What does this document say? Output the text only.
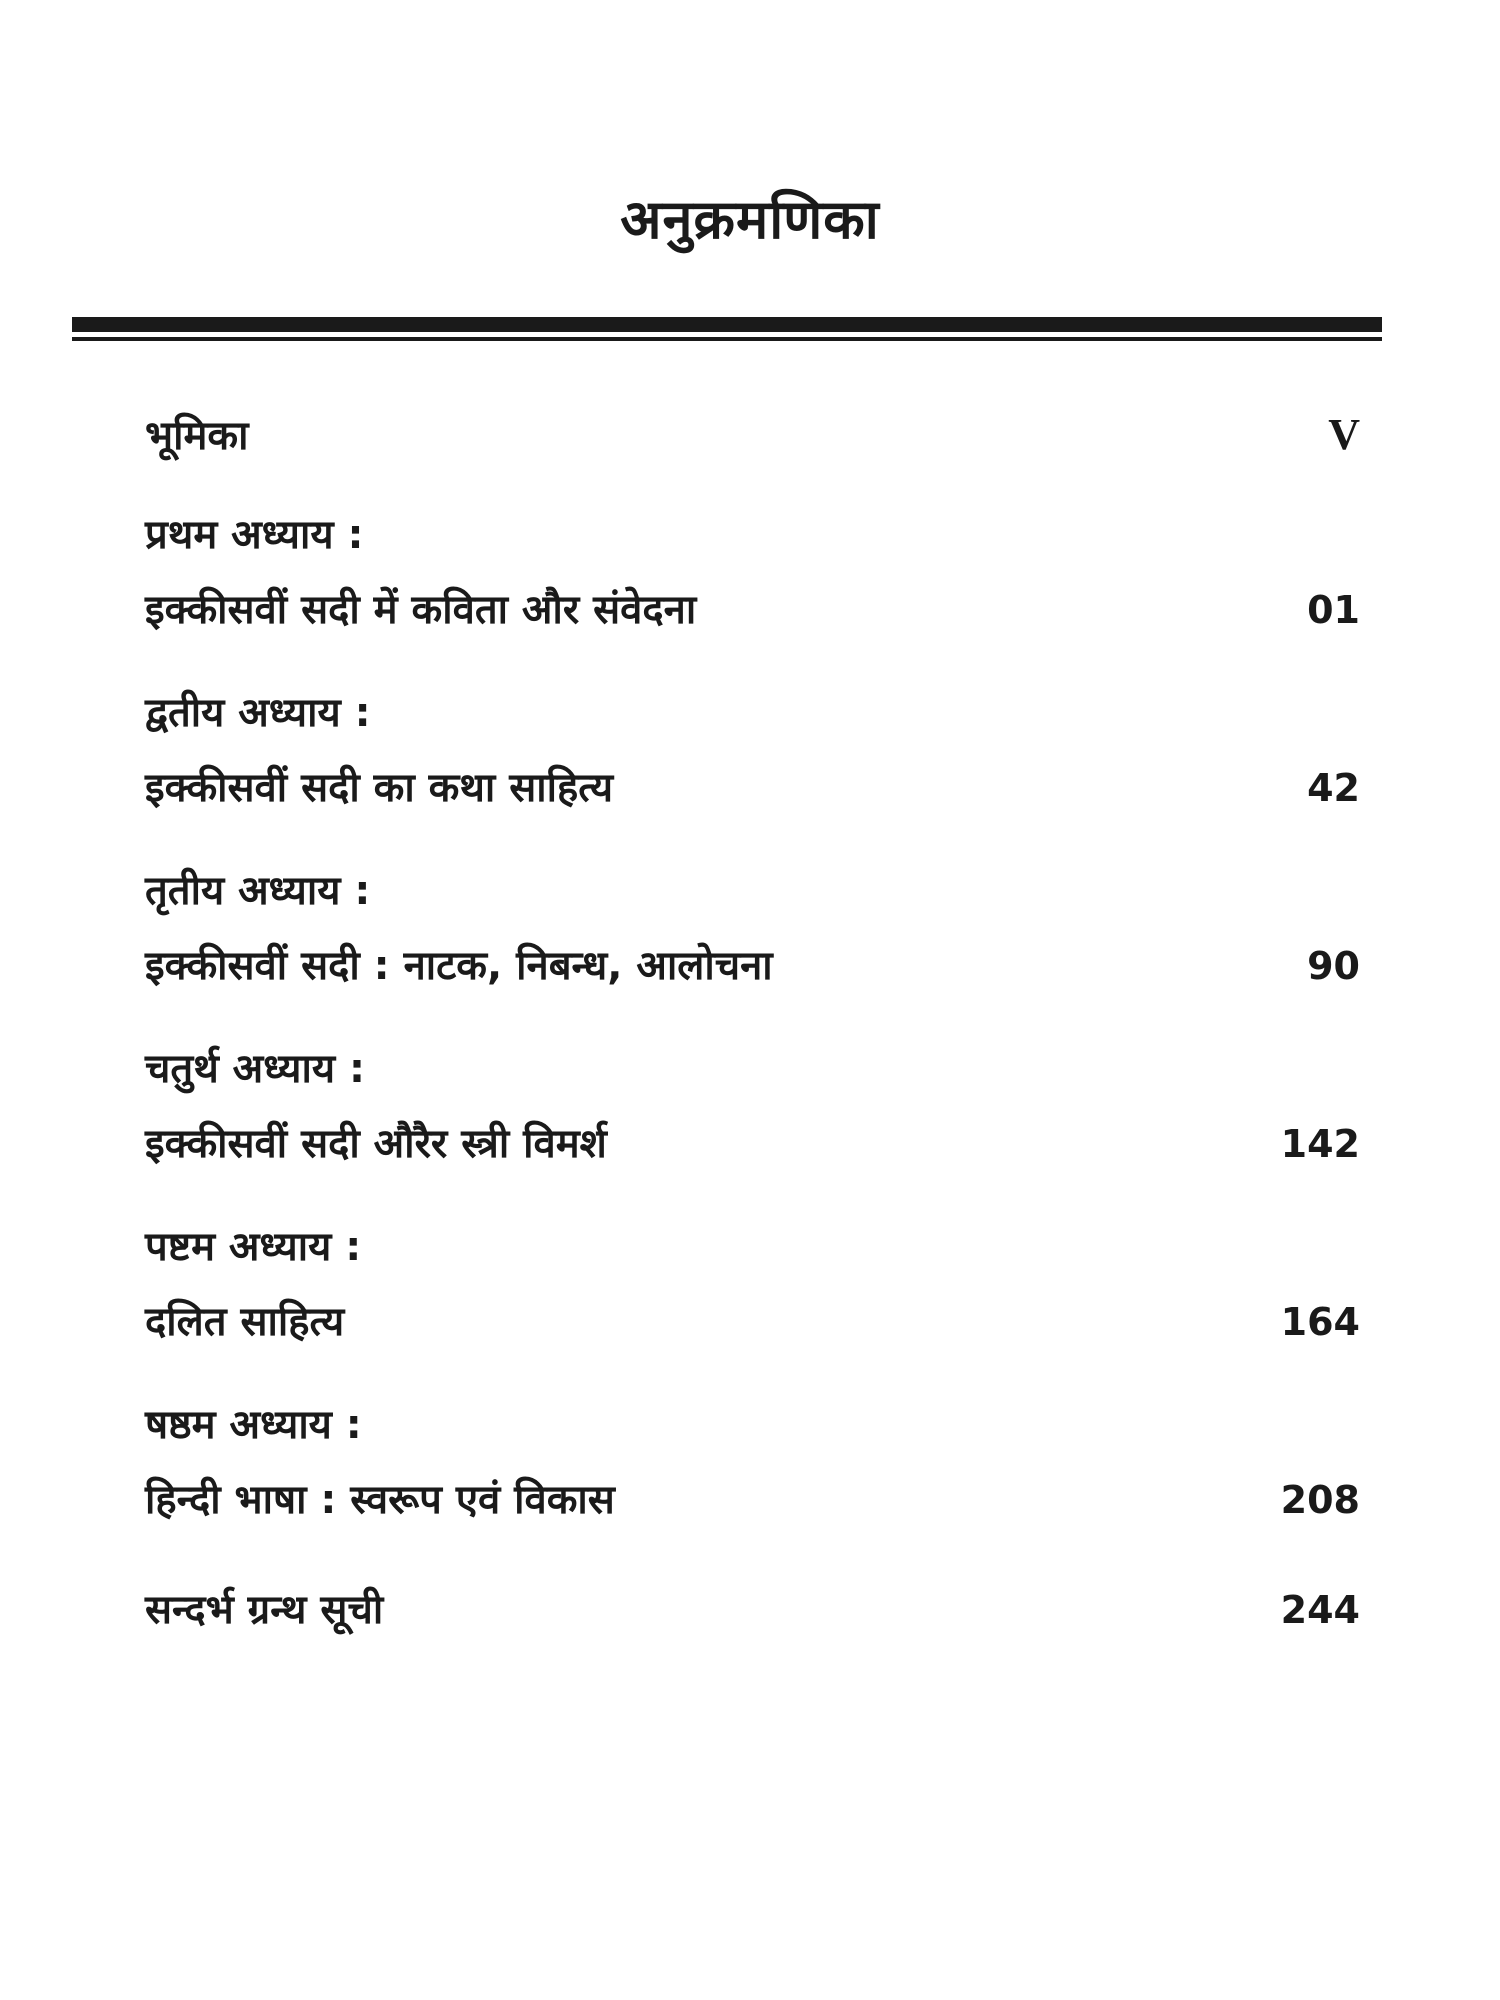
अनुक्रमणिका
भूमिका	V
प्रथम अध्याय :
इक्कीसवीं सदी में कविता और संवेदना	01
द्वतीय अध्याय :
इक्कीसवीं सदी का कथा साहित्य	42
तृतीय अध्याय :
इक्कीसवीं सदी : नाटक, निबन्ध, आलोचना	90
चतुर्थ अध्याय :
इक्कीसवीं सदी औरैर स्त्री विमर्श	142
पष्टम अध्याय :
दलित साहित्य	164
षष्ठम अध्याय :
हिन्दी भाषा : स्वरूप एवं विकास	208
सन्दर्भ ग्रन्थ सूची	244
